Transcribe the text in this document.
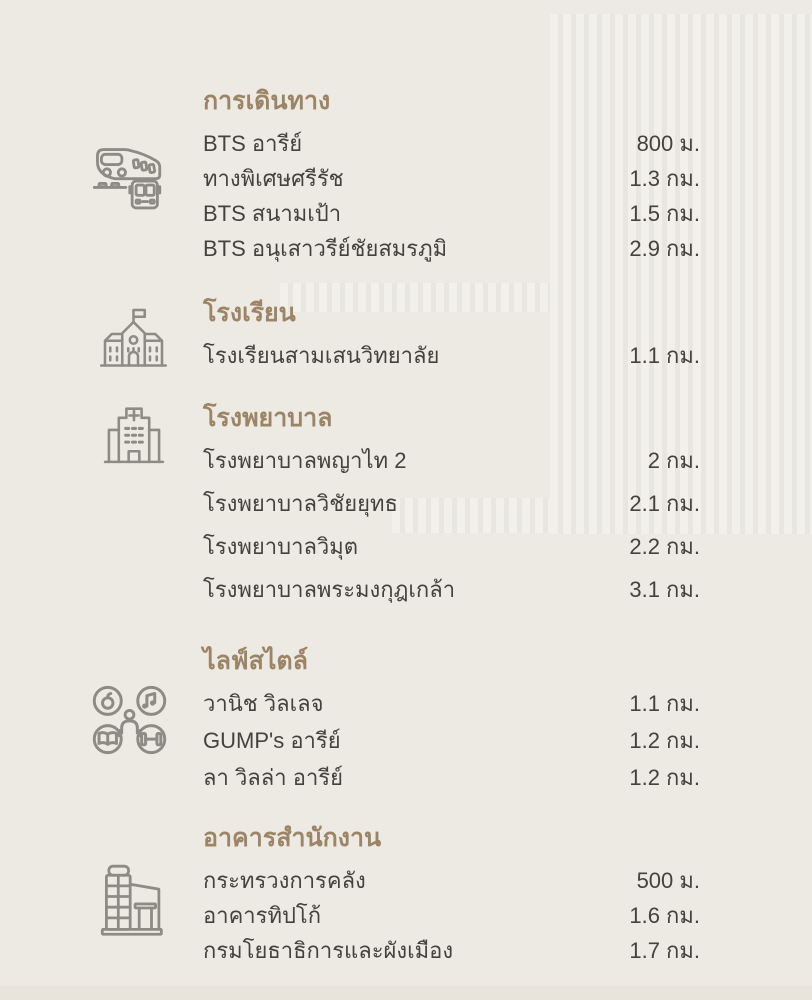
การเดินทาง
BTS อารีย์	800 ม.
ทางพิเศษศรีรัช	1.3 กม.
BTS สนามเป้า	1.5 กม.
BTS อนุเสาวรีย์ชัยสมรภูมิ	2.9 กม.
โรงเรียน
โรงเรียนสามเสนวิทยาลัย	1.1 กม.
โรงพยาบาล
โรงพยาบาลพญาไท 2	2 กม.
โรงพยาบาลวิชัยยุทธ	2.1 กม.
โรงพยาบาลวิมุต	2.2 กม.
โรงพยาบาลพระมงกุฎเกล้า	3.1 กม.
ไลฟ์สไตล์
วานิช วิลเลจ	1.1 กม.
GUMP's อารีย์	1.2 กม.
ลา วิลล่า อารีย์	1.2 กม.
อาคารสำนักงาน
กระทรวงการคลัง	500 ม.
อาคารทิปโก้	1.6 กม.
กรมโยธาธิการและผังเมือง	1.7 กม.
